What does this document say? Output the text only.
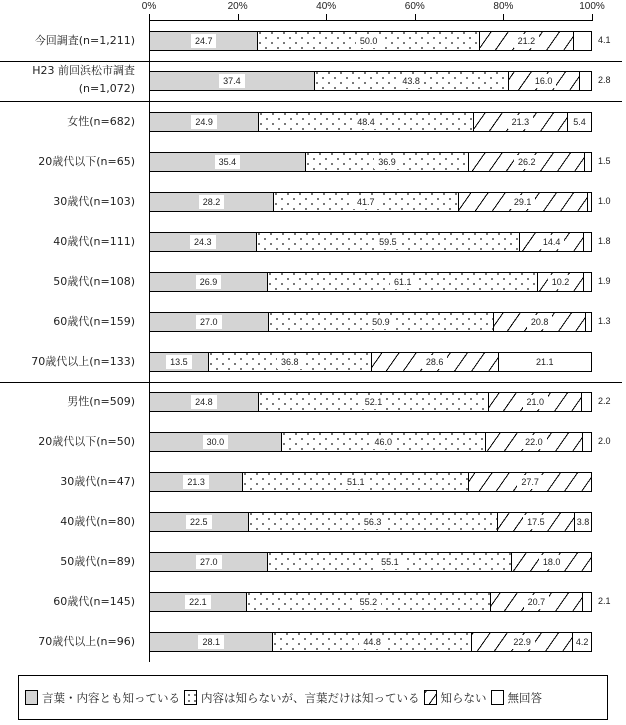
0%	20%	40%	60%	80%	100%
今回調査(n=1,211)	24.7	50.0	21.2	4.1
H23 前回浜松市調査
(n=1,072)
37.4	43.8	16.0	2.8
女性(n=682)	24.9	48.4	21.3	5.4
20歳代以下(n=65)	35.4	36.9	26.2	1.5
30歳代(n=103)	28.2	41.7	29.1	1.0
40歳代(n=111)	24.3	59.5	14.4	1.8
50歳代(n=108)	26.9	61.1	10.2	1.9
60歳代(n=159)	27.0	50.9	20.8	1.3
70歳代以上(n=133)	13.5	36.8	28.6	21.1
男性(n=509)	24.8	52.1	21.0	2.2
20歳代以下(n=50)	30.0	46.0	22.0	2.0
30歳代(n=47)	21.3	51.1	27.7
40歳代(n=80)	22.5	56.3	17.5	3.8
50歳代(n=89)	27.0	55.1	18.0
60歳代(n=145)	22.1	55.2	20.7	2.1
70歳代以上(n=96)	28.1	44.8	22.9	4.2
言葉・内容とも知っている 内容は知らないが、言葉だけは知っている 知らない 無回答
